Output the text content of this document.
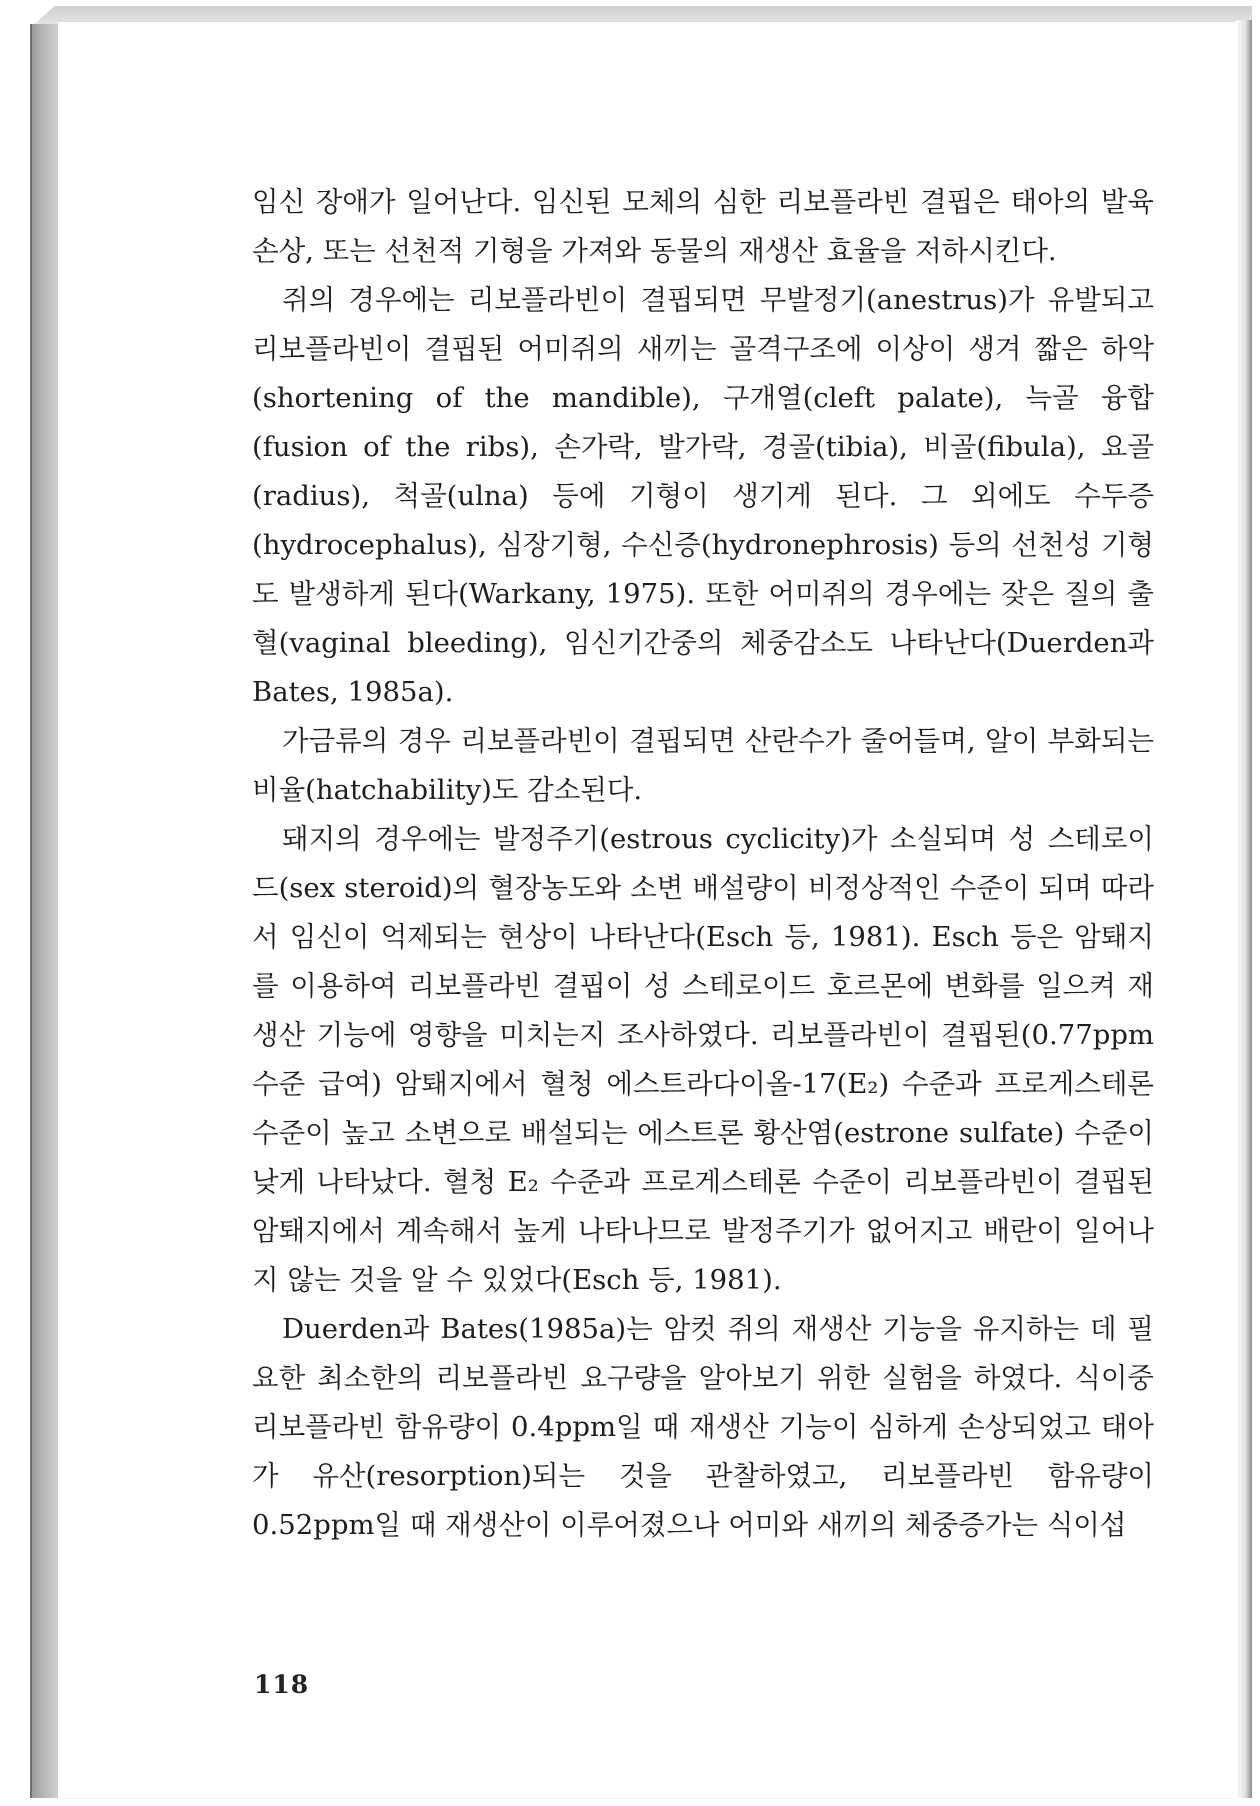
임신 장애가 일어난다. 임신된 모체의 심한 리보플라빈 결핍은 태아의 발육손상, 또는 선천적 기형을 가져와 동물의 재생산 효율을 저하시킨다.

쥐의 경우에는 리보플라빈이 결핍되면 무발정기(anestrus)가 유발되고 리보플라빈이 결핍된 어미쥐의 새끼는 골격구조에 이상이 생겨 짧은 하악(shortening of the mandible), 구개열(cleft palate), 늑골 융합(fusion of the ribs), 손가락, 발가락, 경골(tibia), 비골(fibula), 요골(radius), 척골(ulna) 등에 기형이 생기게 된다. 그 외에도 수두증(hydrocephalus), 심장기형, 수신증(hydronephrosis) 등의 선천성 기형도 발생하게 된다(Warkany, 1975). 또한 어미쥐의 경우에는 잦은 질의 출혈(vaginal bleeding), 임신기간중의 체중감소도 나타난다(Duerden과 Bates, 1985a).

가금류의 경우 리보플라빈이 결핍되면 산란수가 줄어들며, 알이 부화되는 비율(hatchability)도 감소된다.

돼지의 경우에는 발정주기(estrous cyclicity)가 소실되며 성 스테로이드(sex steroid)의 혈장농도와 소변 배설량이 비정상적인 수준이 되며 따라서 임신이 억제되는 현상이 나타난다(Esch 등, 1981). Esch 등은 암퇘지를 이용하여 리보플라빈 결핍이 성 스테로이드 호르몬에 변화를 일으켜 재생산 기능에 영향을 미치는지 조사하였다. 리보플라빈이 결핍된(0.77ppm 수준 급여) 암퇘지에서 혈청 에스트라다이올-17(E₂) 수준과 프로게스테론 수준이 높고 소변으로 배설되는 에스트론 황산염(estrone sulfate) 수준이 낮게 나타났다. 혈청 E₂ 수준과 프로게스테론 수준이 리보플라빈이 결핍된 암퇘지에서 계속해서 높게 나타나므로 발정주기가 없어지고 배란이 일어나지 않는 것을 알 수 있었다(Esch 등, 1981).

Duerden과 Bates(1985a)는 암컷 쥐의 재생산 기능을 유지하는 데 필요한 최소한의 리보플라빈 요구량을 알아보기 위한 실험을 하였다. 식이중 리보플라빈 함유량이 0.4ppm일 때 재생산 기능이 심하게 손상되었고 태아가 유산(resorption)되는 것을 관찰하였고, 리보플라빈 함유량이 0.52ppm일 때 재생산이 이루어졌으나 어미와 새끼의 체중증가는 식이섭

118
